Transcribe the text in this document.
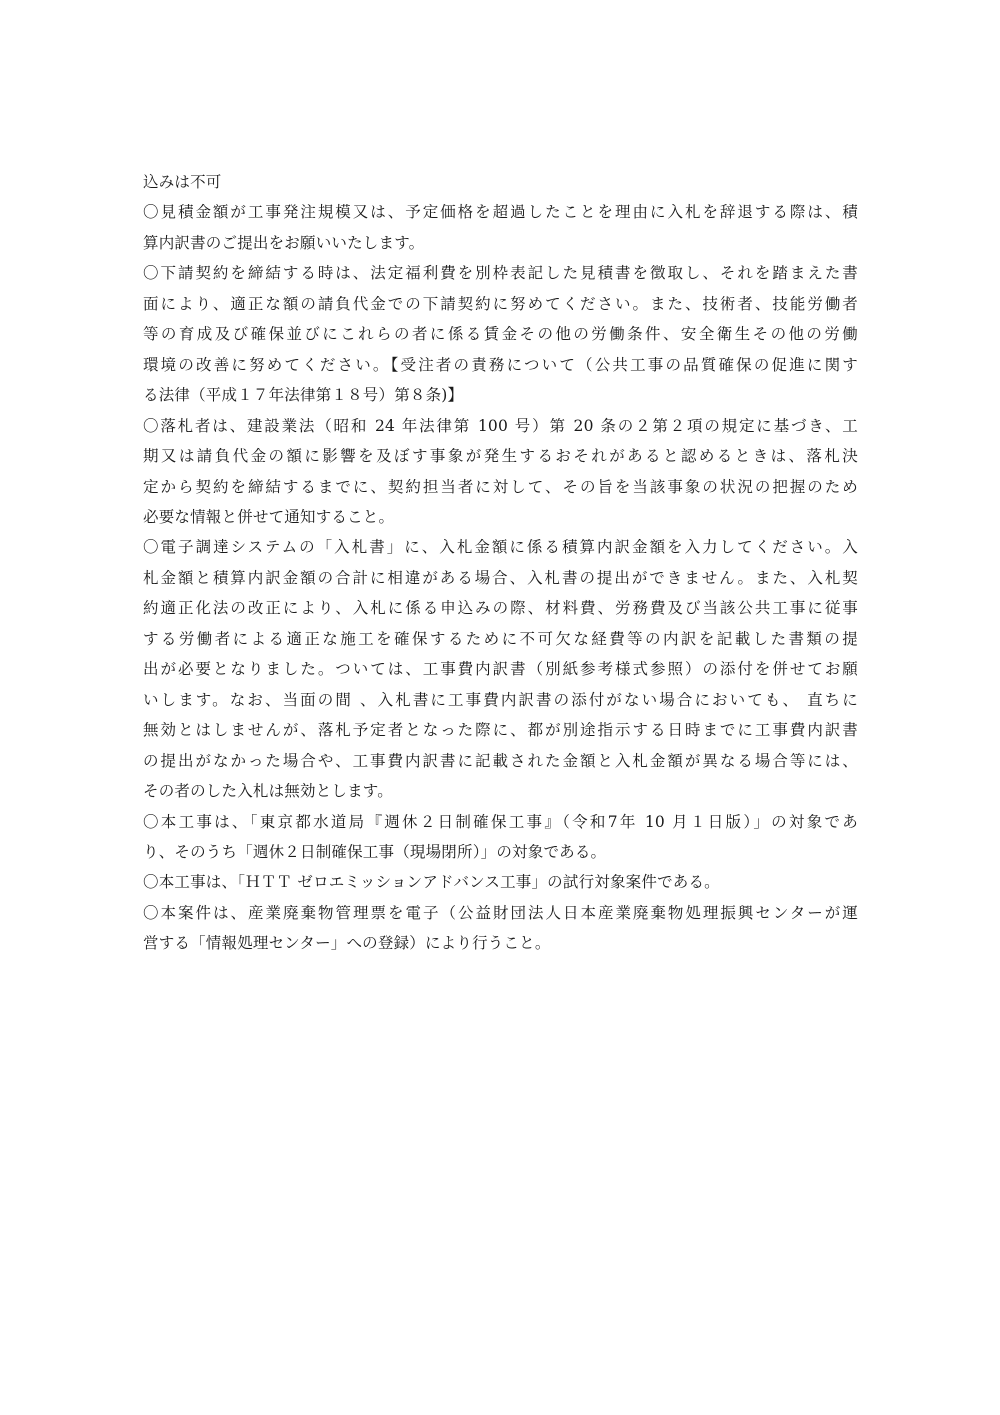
込みは不可
〇見積金額が工事発注規模又は、予定価格を超過したことを理由に入札を辞退する際は、積
算内訳書のご提出をお願いいたします。
〇下請契約を締結する時は、法定福利費を別枠表記した見積書を徴取し、それを踏まえた書
面により、適正な額の請負代金での下請契約に努めてください。また、技術者、技能労働者
等の育成及び確保並びにこれらの者に係る賃金その他の労働条件、安全衛生その他の労働
環境の改善に努めてください。【受注者の責務について（公共工事の品質確保の促進に関す
る法律（平成１７年法律第１８号）第８条)】
〇落札者は、建設業法（昭和 24 年法律第 100 号）第 20 条の２第２項の規定に基づき、工
期又は請負代金の額に影響を及ぼす事象が発生するおそれがあると認めるときは、落札決
定から契約を締結するまでに、契約担当者に対して、その旨を当該事象の状況の把握のため
必要な情報と併せて通知すること。
〇電子調達システムの「入札書」に、入札金額に係る積算内訳金額を入力してください。入
札金額と積算内訳金額の合計に相違がある場合、入札書の提出ができません。また、入札契
約適正化法の改正により、入札に係る申込みの際、材料費、労務費及び当該公共工事に従事
する労働者による適正な施工を確保するために不可欠な経費等の内訳を記載した書類の提
出が必要となりました。ついては、工事費内訳書（別紙参考様式参照）の添付を併せてお願
いします。なお、当面の間 、入札書に工事費内訳書の添付がない場合においても、 直ちに
無効とはしませんが、落札予定者となった際に、都が別途指示する日時までに工事費内訳書
の提出がなかった場合や、工事費内訳書に記載された金額と入札金額が異なる場合等には、
その者のした入札は無効とします。
〇本工事は、「東京都水道局『週休２日制確保工事』（令和7年 10 月１日版）」の対象であ
り、そのうち「週休２日制確保工事（現場閉所）」の対象である。
〇本工事は、「ＨＴＴ ゼロエミッションアドバンス工事」の試行対象案件である。
〇本案件は、産業廃棄物管理票を電子（公益財団法人日本産業廃棄物処理振興センターが運
営する「情報処理センター」への登録）により行うこと。
